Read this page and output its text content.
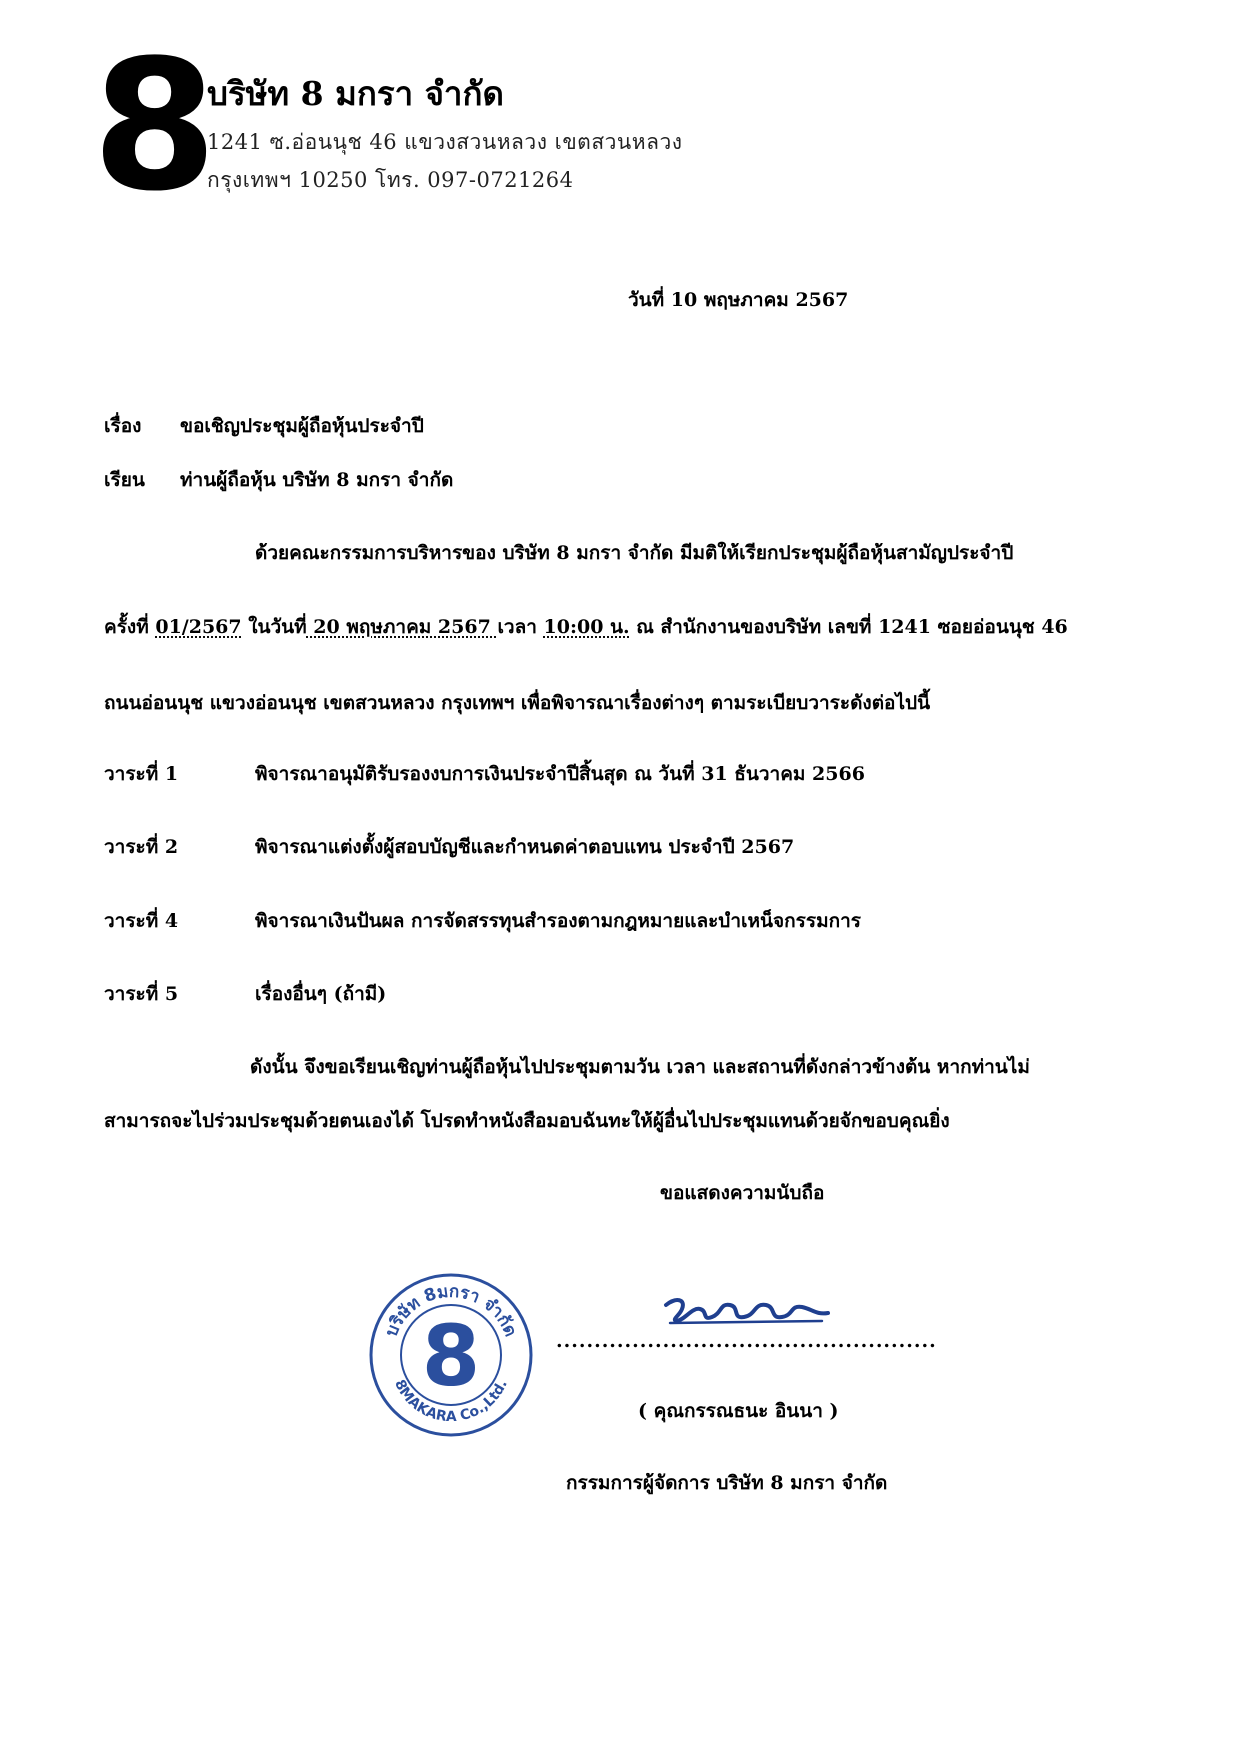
8
บริษัท 8 มกรา จำกัด
1241 ซ.อ่อนนุช 46 แขวงสวนหลวง เขตสวนหลวง
กรุงเทพฯ 10250 โทร. 097-0721264
วันที่ 10 พฤษภาคม 2567
เรื่อง ขอเชิญประชุมผู้ถือหุ้นประจำปี
เรียน ท่านผู้ถือหุ้น บริษัท 8 มกรา จำกัด
ด้วยคณะกรรมการบริหารของ บริษัท 8 มกรา จำกัด มีมติให้เรียกประชุมผู้ถือหุ้นสามัญประจำปี
ครั้งที่ 01/2567 ในวันที่ 20 พฤษภาคม 2567 เวลา 10:00 น. ณ สำนักงานของบริษัท เลขที่ 1241 ซอยอ่อนนุช 46
ถนนอ่อนนุช แขวงอ่อนนุช เขตสวนหลวง กรุงเทพฯ เพื่อพิจารณาเรื่องต่างๆ ตามระเบียบวาระดังต่อไปนี้
วาระที่ 1	พิจารณาอนุมัติรับรองงบการเงินประจำปีสิ้นสุด ณ วันที่ 31 ธันวาคม 2566
วาระที่ 2	พิจารณาแต่งตั้งผู้สอบบัญชีและกำหนดค่าตอบแทน ประจำปี 2567
วาระที่ 4	พิจารณาเงินปันผล การจัดสรรทุนสำรองตามกฎหมายและบำเหน็จกรรมการ
วาระที่ 5	เรื่องอื่นๆ (ถ้ามี)
ดังนั้น จึงขอเรียนเชิญท่านผู้ถือหุ้นไปประชุมตามวัน เวลา และสถานที่ดังกล่าวข้างต้น หากท่านไม่
สามารถจะไปร่วมประชุมด้วยตนเองได้ โปรดทำหนังสือมอบฉันทะให้ผู้อื่นไปประชุมแทนด้วยจักขอบคุณยิ่ง
ขอแสดงความนับถือ
บริษัท 8มกรา จำกัด
8MAKARA Co.,Ltd.
8	..................................................
( คุณกรรณธนะ อินนา )
กรรมการผู้จัดการ บริษัท 8 มกรา จำกัด
